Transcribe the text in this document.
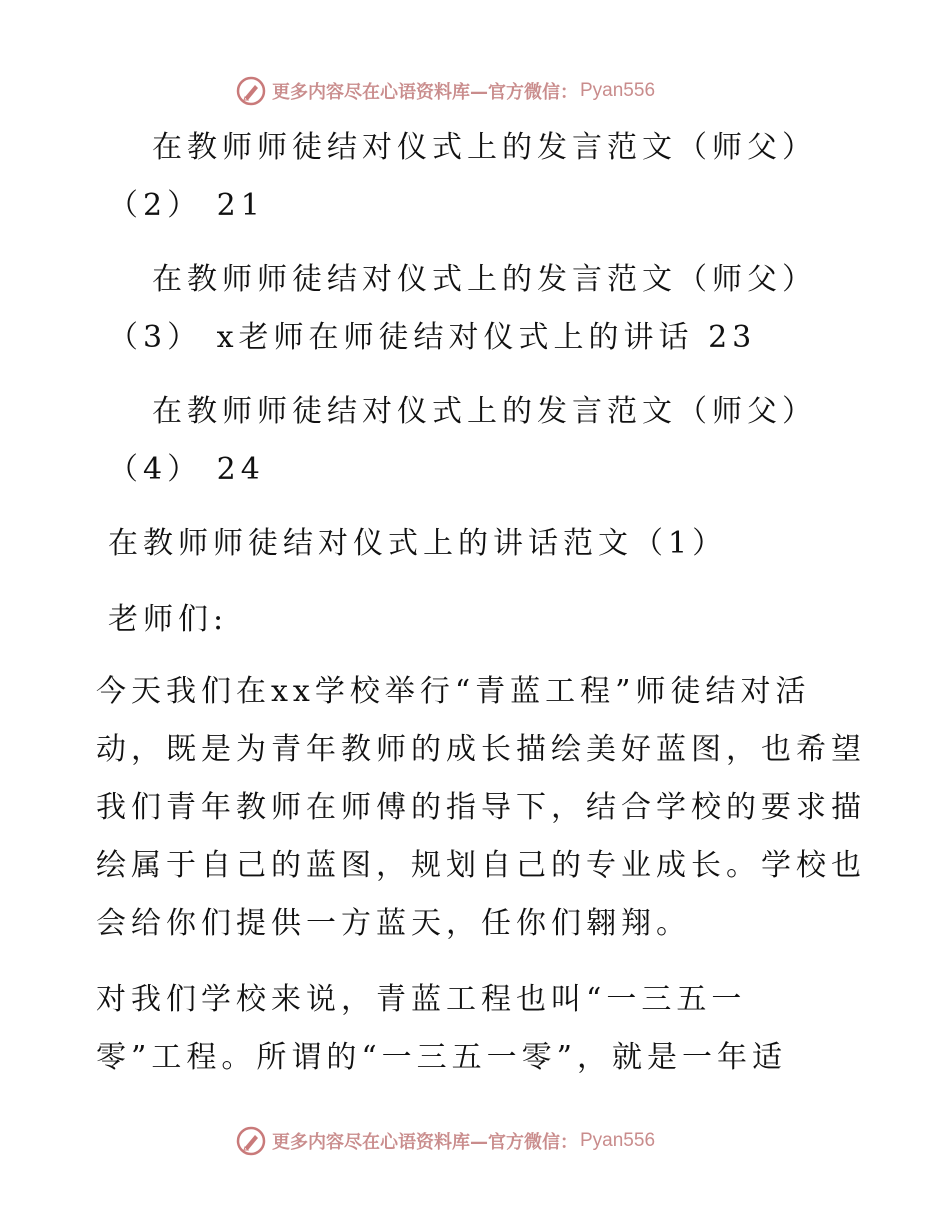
更多内容尽在心语资料库—官方微信： Pyan556
在教师师徒结对仪式上的发言范文（师父）
（2） 21
在教师师徒结对仪式上的发言范文（师父）
（3） x老师在师徒结对仪式上的讲话 23
在教师师徒结对仪式上的发言范文（师父）
（4） 24
在教师师徒结对仪式上的讲话范文（1）
老师们:
今天我们在xx学校举行“青蓝工程”师徒结对活
动，既是为青年教师的成长描绘美好蓝图，也希望
我们青年教师在师傅的指导下，结合学校的要求描
绘属于自己的蓝图，规划自己的专业成长。学校也
会给你们提供一方蓝天，任你们翱翔。
对我们学校来说，青蓝工程也叫“一三五一
零”工程。所谓的“一三五一零”，就是一年适
更多内容尽在心语资料库—官方微信： Pyan556
